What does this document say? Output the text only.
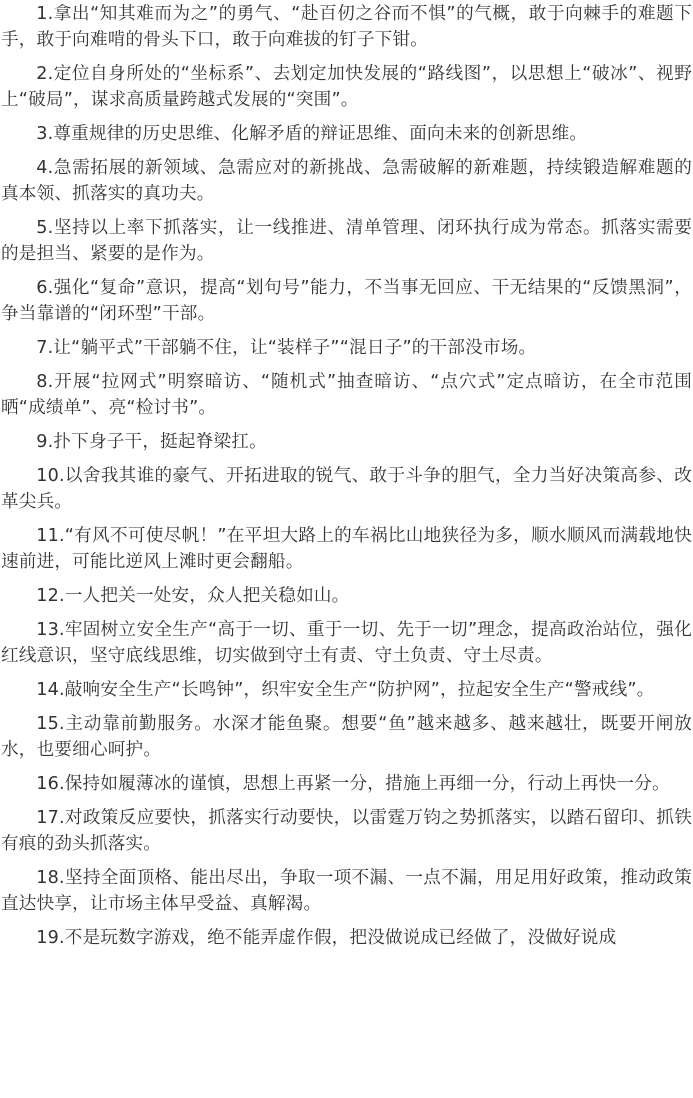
1.拿出“知其难而为之”的勇气、“赴百仞之谷而不惧”的气概，敢于向棘手的难题下手，敢于向难啃的骨头下口，敢于向难拔的钉子下钳。

2.定位自身所处的“坐标系”、去划定加快发展的“路线图”，以思想上“破冰”、视野上“破局”，谋求高质量跨越式发展的“突围”。

3.尊重规律的历史思维、化解矛盾的辩证思维、面向未来的创新思维。

4.急需拓展的新领域、急需应对的新挑战、急需破解的新难题，持续锻造解难题的真本领、抓落实的真功夫。

5.坚持以上率下抓落实，让一线推进、清单管理、闭环执行成为常态。抓落实需要的是担当、紧要的是作为。

6.强化“复命”意识，提高“划句号”能力，不当事无回应、干无结果的“反馈黑洞”，争当靠谱的“闭环型”干部。

7.让“躺平式”干部躺不住，让“装样子”“混日子”的干部没市场。

8.开展“拉网式”明察暗访、“随机式”抽查暗访、“点穴式”定点暗访，在全市范围晒“成绩单”、亮“检讨书”。

9.扑下身子干，挺起脊梁扛。

10.以舍我其谁的豪气、开拓进取的锐气、敢于斗争的胆气，全力当好决策高参、改革尖兵。

11.“有风不可使尽帆！”在平坦大路上的车祸比山地狭径为多，顺水顺风而满载地快速前进，可能比逆风上滩时更会翻船。

12.一人把关一处安，众人把关稳如山。

13.牢固树立安全生产“高于一切、重于一切、先于一切”理念，提高政治站位，强化红线意识，坚守底线思维，切实做到守土有责、守土负责、守土尽责。

14.敲响安全生产“长鸣钟”，织牢安全生产“防护网”，拉起安全生产“警戒线”。

15.主动靠前勤服务。水深才能鱼聚。想要“鱼”越来越多、越来越壮，既要开闸放水，也要细心呵护。

16.保持如履薄冰的谨慎，思想上再紧一分，措施上再细一分，行动上再快一分。

17.对政策反应要快，抓落实行动要快，以雷霆万钧之势抓落实，以踏石留印、抓铁有痕的劲头抓落实。

18.坚持全面顶格、能出尽出，争取一项不漏、一点不漏，用足用好政策，推动政策直达快享，让市场主体早受益、真解渴。

19.不是玩数字游戏，绝不能弄虚作假，把没做说成已经做了，没做好说成
